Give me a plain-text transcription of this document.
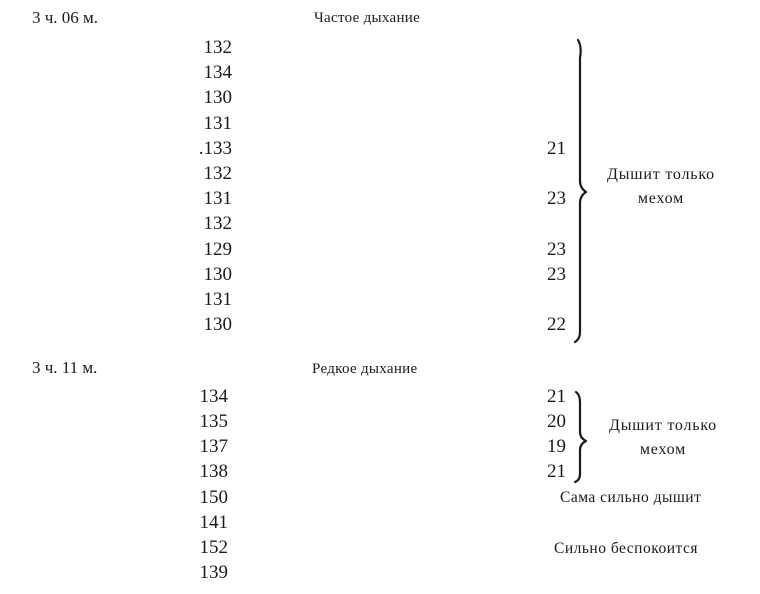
3 ч. 06 м.	Частое дыхание
132
134
130
131
.133
132
131
132
129
130
131
130
21
23
23
23
22
Дышит только
мехом
3 ч. 11 м.	Редкое дыхание
134
135
137
138
150
141
152
139
21
20
19
21
Дышит только
мехом
Сама сильно дышит
Сильно беспокоится
